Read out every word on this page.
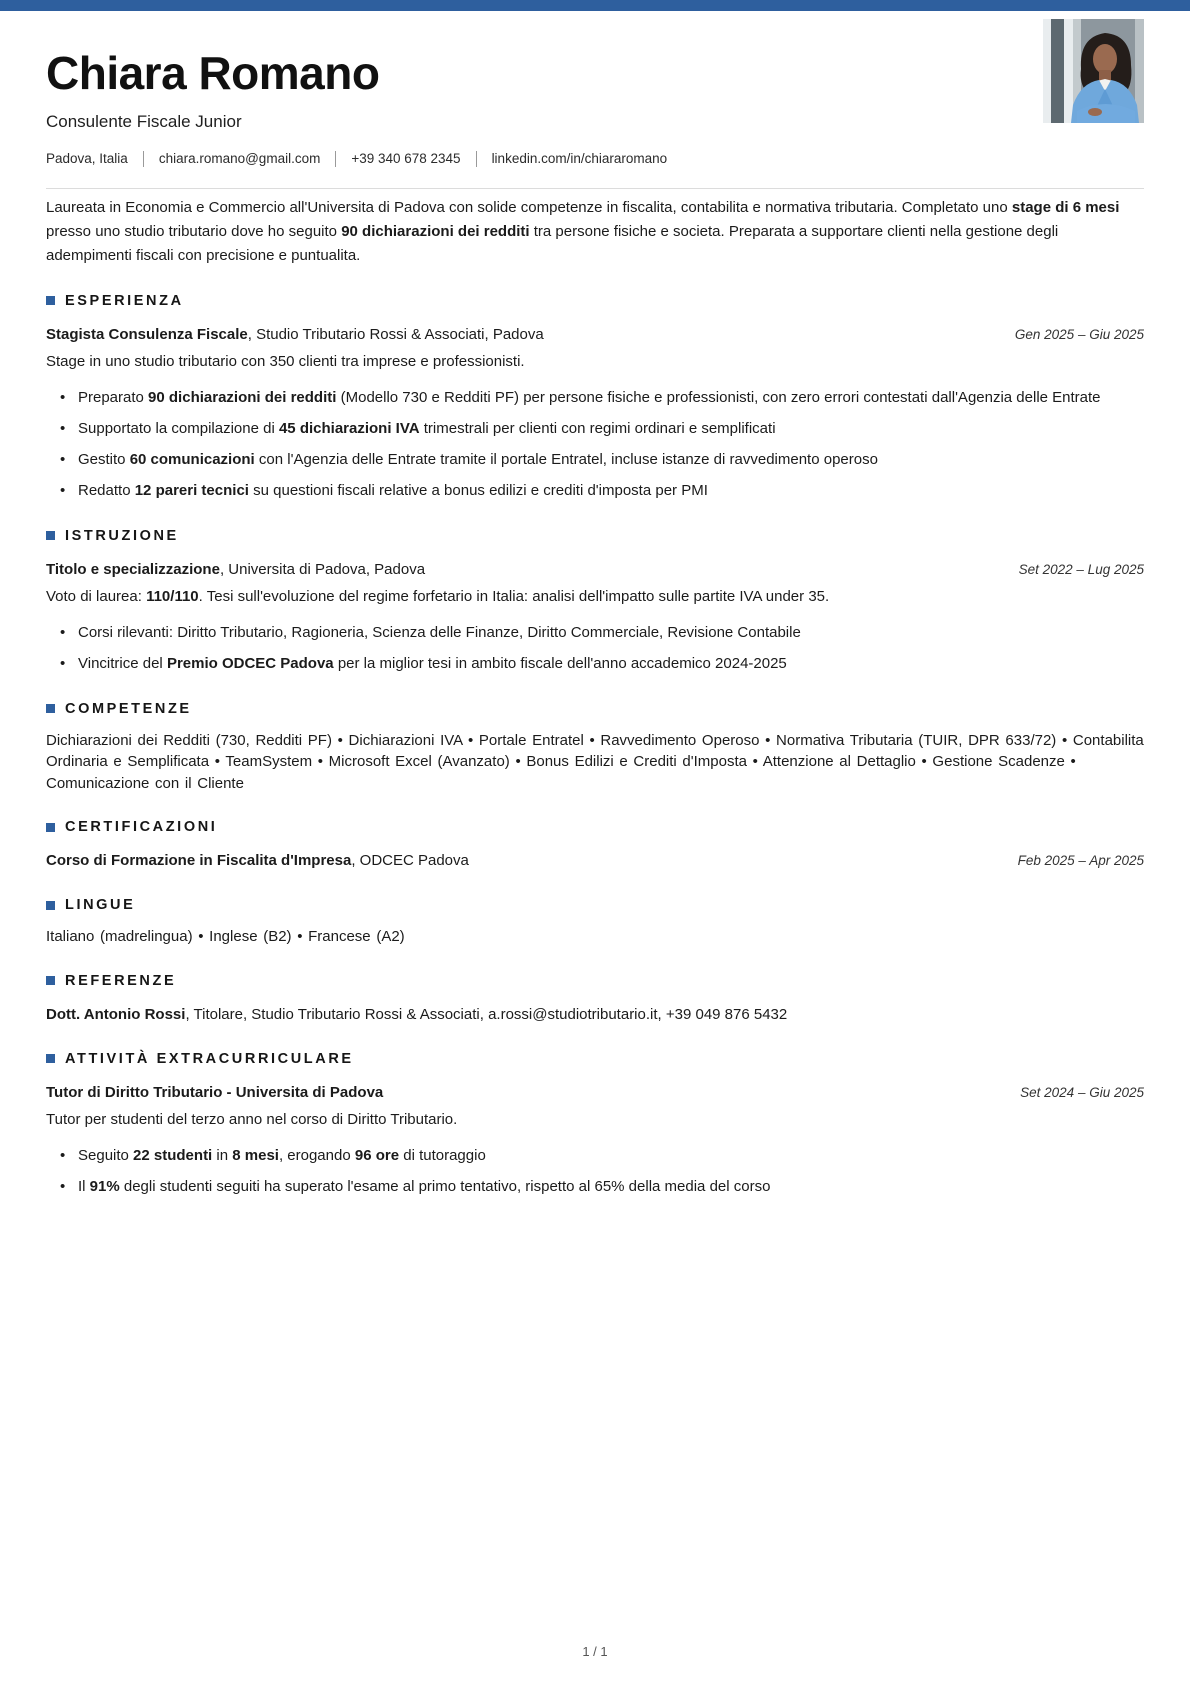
Chiara Romano
Consulente Fiscale Junior
Padova, Italia chiara.romano@gmail.com +39 340 678 2345 linkedin.com/in/chiararomano

Laureata in Economia e Commercio all'Universita di Padova con solide competenze in fiscalita, contabilita e normativa tributaria. Completato uno stage di 6 mesi presso uno studio tributario dove ho seguito 90 dichiarazioni dei redditi tra persone fisiche e societa. Preparata a supportare clienti nella gestione degli adempimenti fiscali con precisione e puntualita.

ESPERIENZA
Stagista Consulenza Fiscale, Studio Tributario Rossi & Associati, Padova	Gen 2025 – Giu 2025
Stage in uno studio tributario con 350 clienti tra imprese e professionisti.
• Preparato 90 dichiarazioni dei redditi (Modello 730 e Redditi PF) per persone fisiche e professionisti, con zero errori contestati dall'Agenzia delle Entrate
• Supportato la compilazione di 45 dichiarazioni IVA trimestrali per clienti con regimi ordinari e semplificati
• Gestito 60 comunicazioni con l'Agenzia delle Entrate tramite il portale Entratel, incluse istanze di ravvedimento operoso
• Redatto 12 pareri tecnici su questioni fiscali relative a bonus edilizi e crediti d'imposta per PMI
ISTRUZIONE
Titolo e specializzazione, Universita di Padova, Padova	Set 2022 – Lug 2025
Voto di laurea: 110/110. Tesi sull'evoluzione del regime forfetario in Italia: analisi dell'impatto sulle partite IVA under 35.
• Corsi rilevanti: Diritto Tributario, Ragioneria, Scienza delle Finanze, Diritto Commerciale, Revisione Contabile
• Vincitrice del Premio ODCEC Padova per la miglior tesi in ambito fiscale dell'anno accademico 2024-2025
COMPETENZE

Dichiarazioni dei Redditi (730, Redditi PF) • Dichiarazioni IVA • Portale Entratel • Ravvedimento Operoso • Normativa Tributaria (TUIR, DPR 633/72) • Contabilita Ordinaria e Semplificata • TeamSystem • Microsoft Excel (Avanzato) • Bonus Edilizi e Crediti d'Imposta • Attenzione al Dettaglio • Gestione Scadenze • Comunicazione con il Cliente

CERTIFICAZIONI
Corso di Formazione in Fiscalita d'Impresa, ODCEC Padova	Feb 2025 – Apr 2025
LINGUE

Italiano (madrelingua) • Inglese (B2) • Francese (A2)

REFERENZE
Dott. Antonio Rossi, Titolare, Studio Tributario Rossi & Associati, a.rossi@studiotributario.it, +39 049 876 5432
ATTIVITÀ EXTRACURRICULARE
Tutor di Diritto Tributario - Universita di Padova	Set 2024 – Giu 2025
Tutor per studenti del terzo anno nel corso di Diritto Tributario.
• Seguito 22 studenti in 8 mesi, erogando 96 ore di tutoraggio
• Il 91% degli studenti seguiti ha superato l'esame al primo tentativo, rispetto al 65% della media del corso
1 / 1
